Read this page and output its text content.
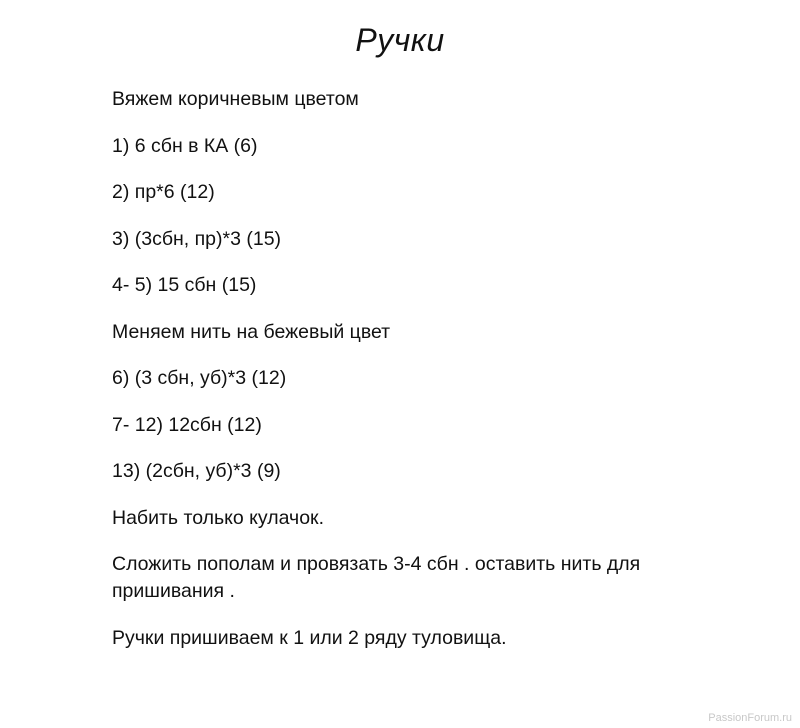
Ручки

Вяжем коричневым цветом

1) 6 сбн в КА (6)

2) пр*6 (12)

3) (3сбн, пр)*3 (15)

4- 5) 15 сбн (15)

Меняем нить на бежевый цвет

6) (3 сбн, уб)*3 (12)

7- 12) 12сбн (12)

13) (2сбн, уб)*3 (9)

Набить только кулачок.

Сложить пополам и провязать 3-4 сбн . оставить нить для пришивания .

Ручки пришиваем к 1 или 2 ряду туловища.

PassionForum.ru
